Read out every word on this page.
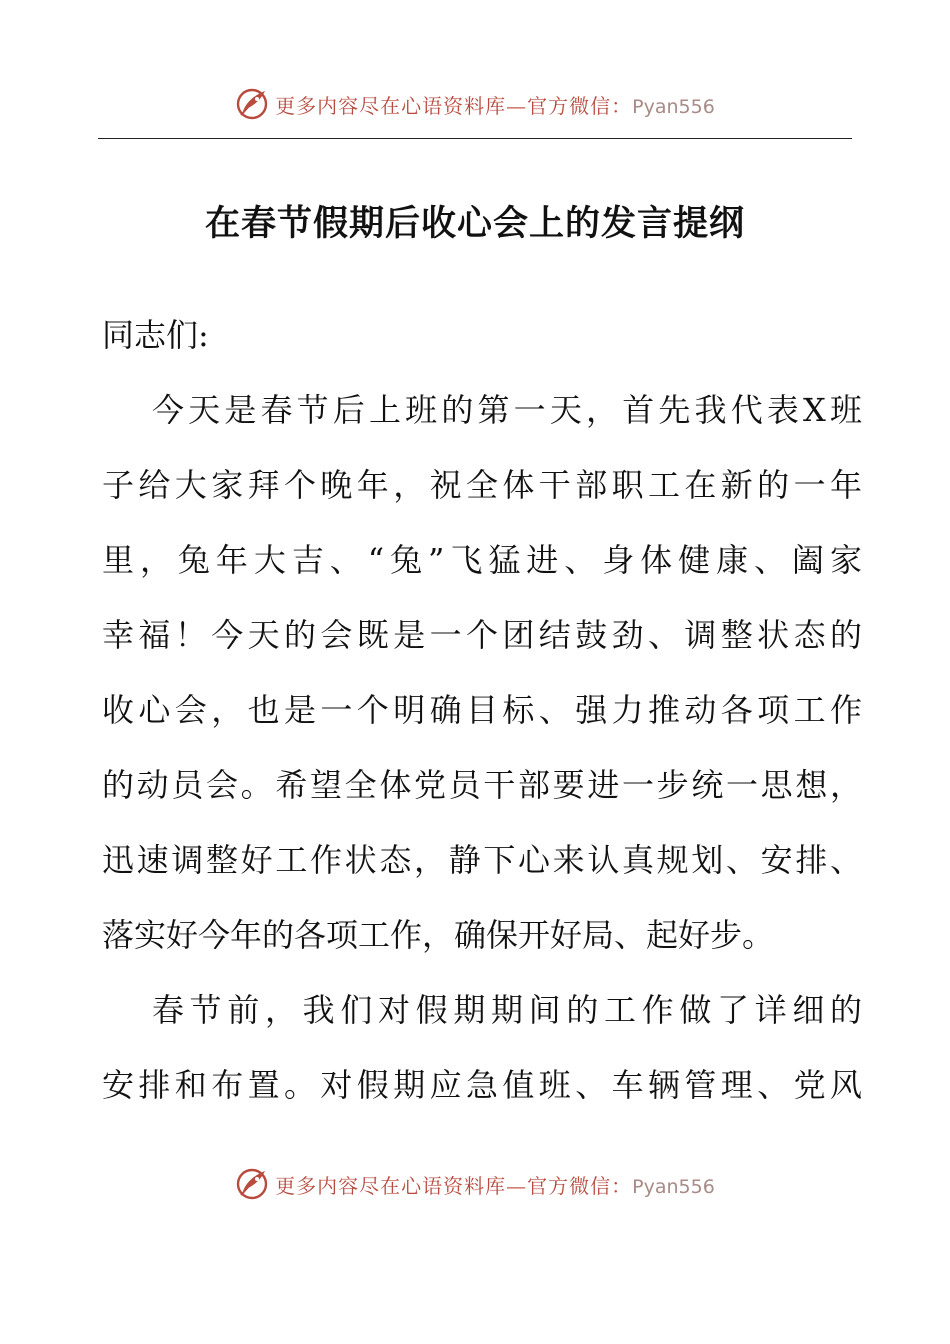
更多内容尽在心语资料库—官方微信：Pyan556
在春节假期后收心会上的发言提纲
同志们:
今天是春节后上班的第一天，首先我代表X班
子给大家拜个晚年，祝全体干部职工在新的一年
里，兔年大吉、“兔”飞猛进、身体健康、阖家
幸福！今天的会既是一个团结鼓劲、调整状态的
收心会，也是一个明确目标、强力推动各项工作
的动员会。希望全体党员干部要进一步统一思想，
迅速调整好工作状态，静下心来认真规划、安排、
落实好今年的各项工作，确保开好局、起好步。
春节前，我们对假期期间的工作做了详细的
安排和布置。对假期应急值班、车辆管理、党风
更多内容尽在心语资料库—官方微信：Pyan556
